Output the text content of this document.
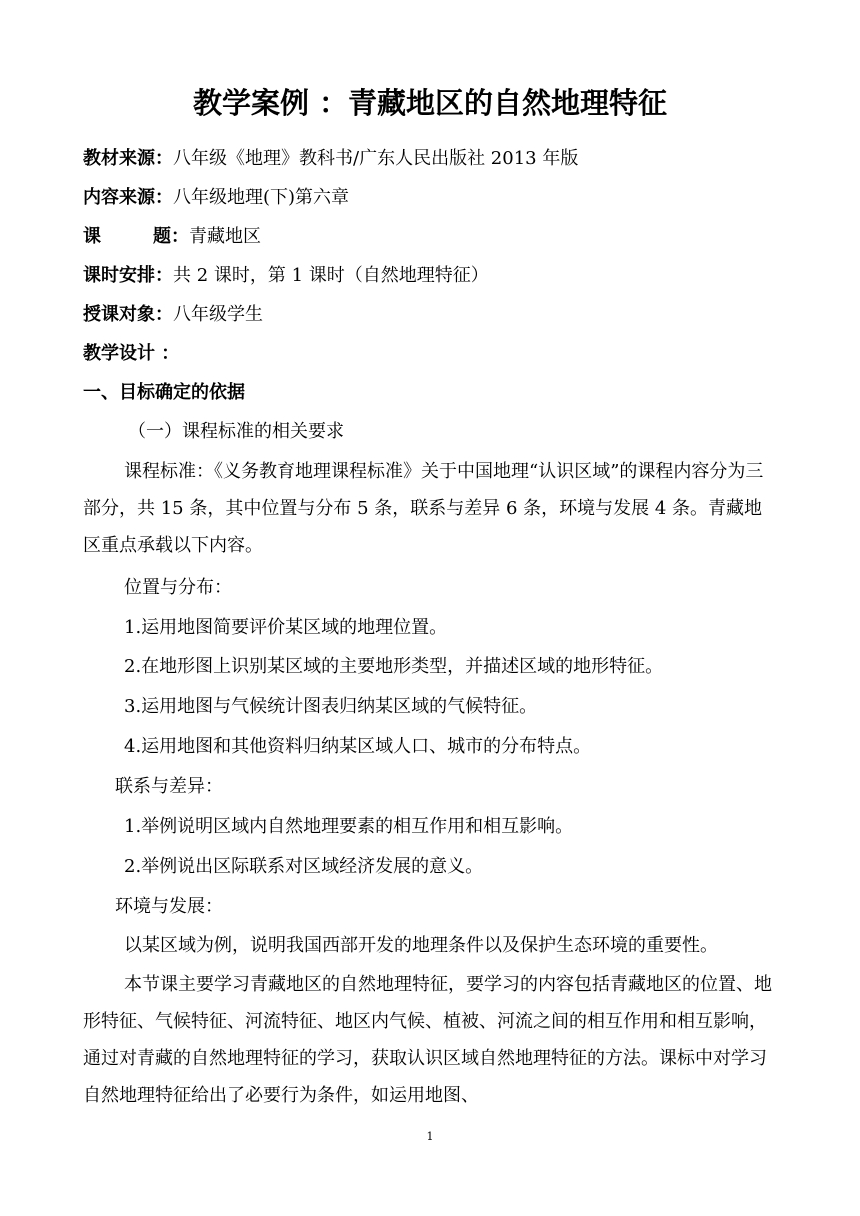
教学案例 ：青藏地区的自然地理特征
教材来源：八年级《地理》教科书/广东人民出版社 2013 年版
内容来源：八年级地理(下)第六章
课 题：青藏地区
课时安排：共 2 课时，第 1 课时（自然地理特征）
授课对象：八年级学生
教学设计 ：
一、目标确定的依据
（一）课程标准的相关要求
课程标准：《义务教育地理课程标准》关于中国地理“认识区域”的课程内容分为三部分，共 15 条，其中位置与分布 5 条，联系与差异 6 条，环境与发展 4 条。青藏地区重点承载以下内容。
位置与分布：
1.运用地图简要评价某区域的地理位置。
2.在地形图上识别某区域的主要地形类型，并描述区域的地形特征。
3.运用地图与气候统计图表归纳某区域的气候特征。
4.运用地图和其他资料归纳某区域人口、城市的分布特点。
联系与差异：
1.举例说明区域内自然地理要素的相互作用和相互影响。
2.举例说出区际联系对区域经济发展的意义。
环境与发展：
以某区域为例，说明我国西部开发的地理条件以及保护生态环境的重要性。
本节课主要学习青藏地区的自然地理特征，要学习的内容包括青藏地区的位置、地形特征、气候特征、河流特征、地区内气候、植被、河流之间的相互作用和相互影响，通过对青藏的自然地理特征的学习，获取认识区域自然地理特征的方法。课标中对学习自然地理特征给出了必要行为条件，如运用地图、
1
